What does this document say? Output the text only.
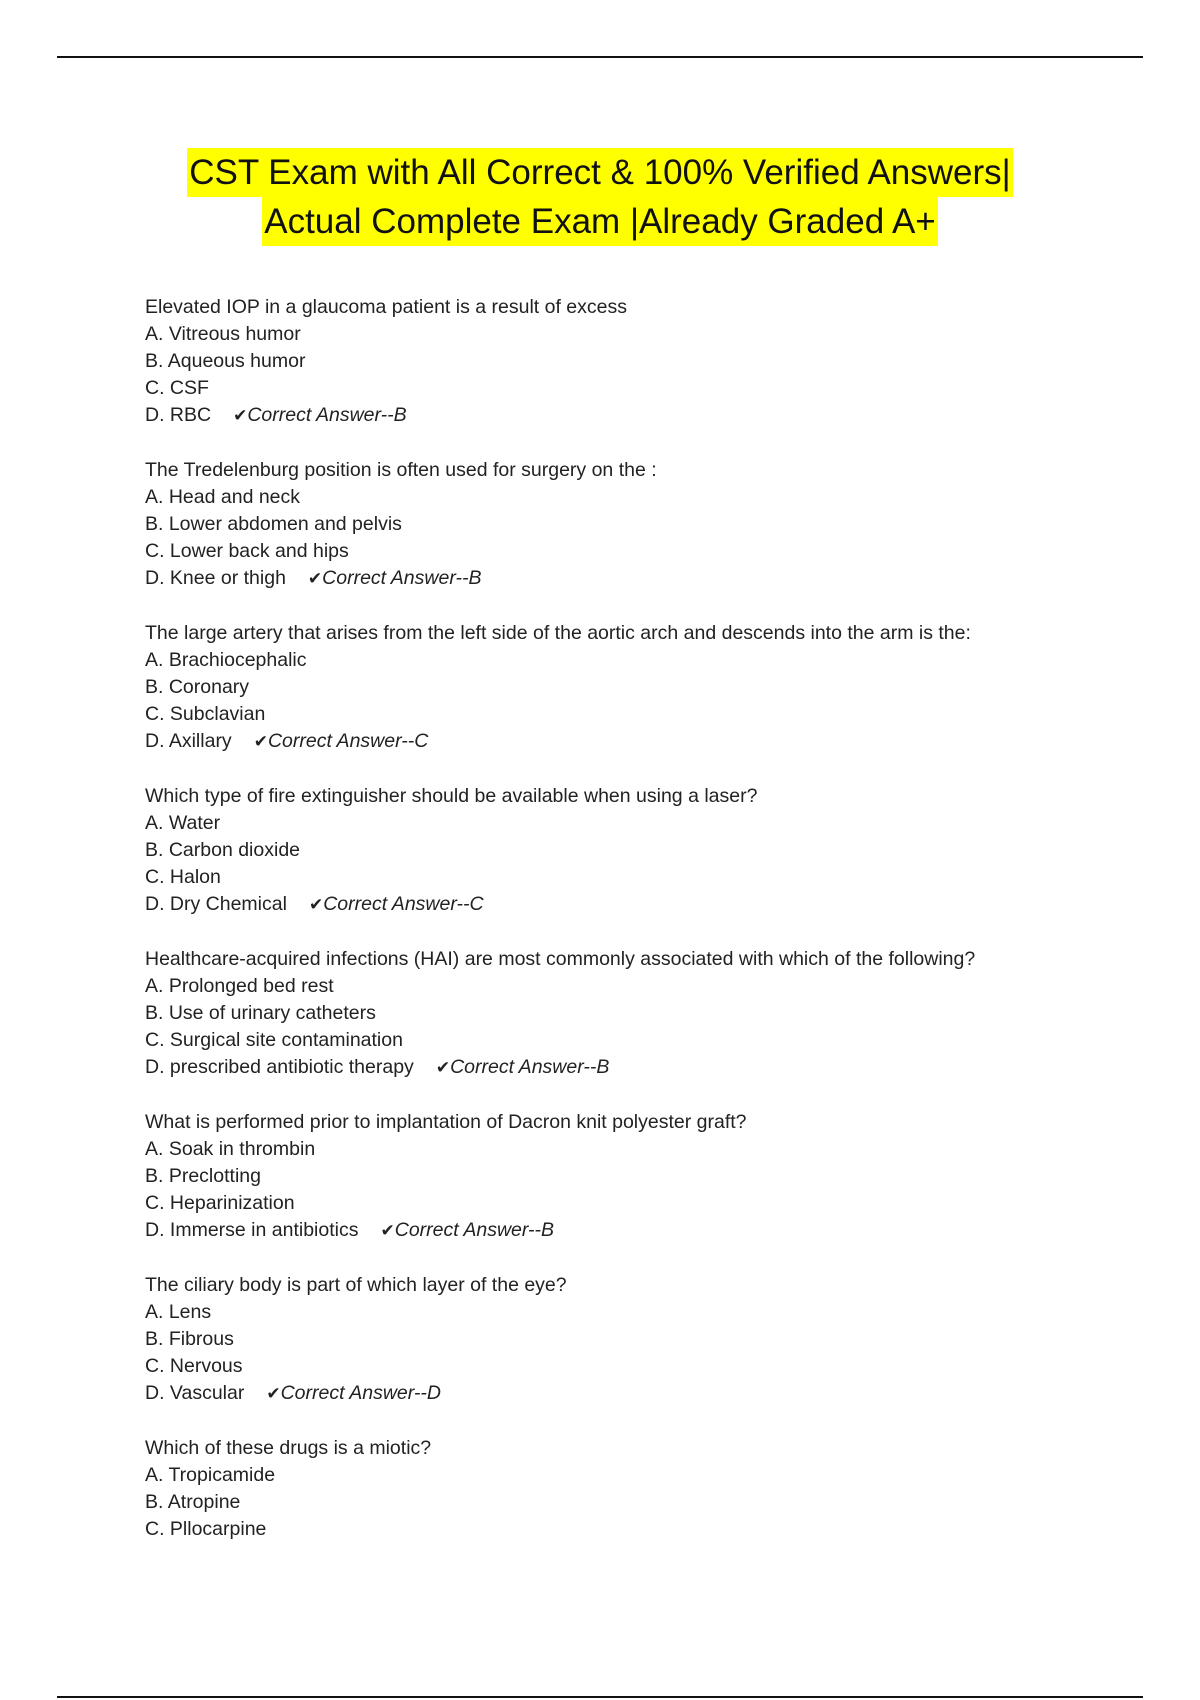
CST Exam with All Correct & 100% Verified Answers|
Actual Complete Exam |Already Graded A+
Elevated IOP in a glaucoma patient is a result of excess
A. Vitreous humor
B. Aqueous humor
C. CSF
D. RBC ✔Correct Answer--B
The Tredelenburg position is often used for surgery on the :
A. Head and neck
B. Lower abdomen and pelvis
C. Lower back and hips
D. Knee or thigh ✔Correct Answer--B
The large artery that arises from the left side of the aortic arch and descends into the arm is the:
A. Brachiocephalic
B. Coronary
C. Subclavian
D. Axillary ✔Correct Answer--C
Which type of fire extinguisher should be available when using a laser?
A. Water
B. Carbon dioxide
C. Halon
D. Dry Chemical ✔Correct Answer--C
Healthcare-acquired infections (HAI) are most commonly associated with which of the following?
A. Prolonged bed rest
B. Use of urinary catheters
C. Surgical site contamination
D. prescribed antibiotic therapy ✔Correct Answer--B
What is performed prior to implantation of Dacron knit polyester graft?
A. Soak in thrombin
B. Preclotting
C. Heparinization
D. Immerse in antibiotics ✔Correct Answer--B
The ciliary body is part of which layer of the eye?
A. Lens
B. Fibrous
C. Nervous
D. Vascular ✔Correct Answer--D
Which of these drugs is a miotic?
A. Tropicamide
B. Atropine
C. Pllocarpine
